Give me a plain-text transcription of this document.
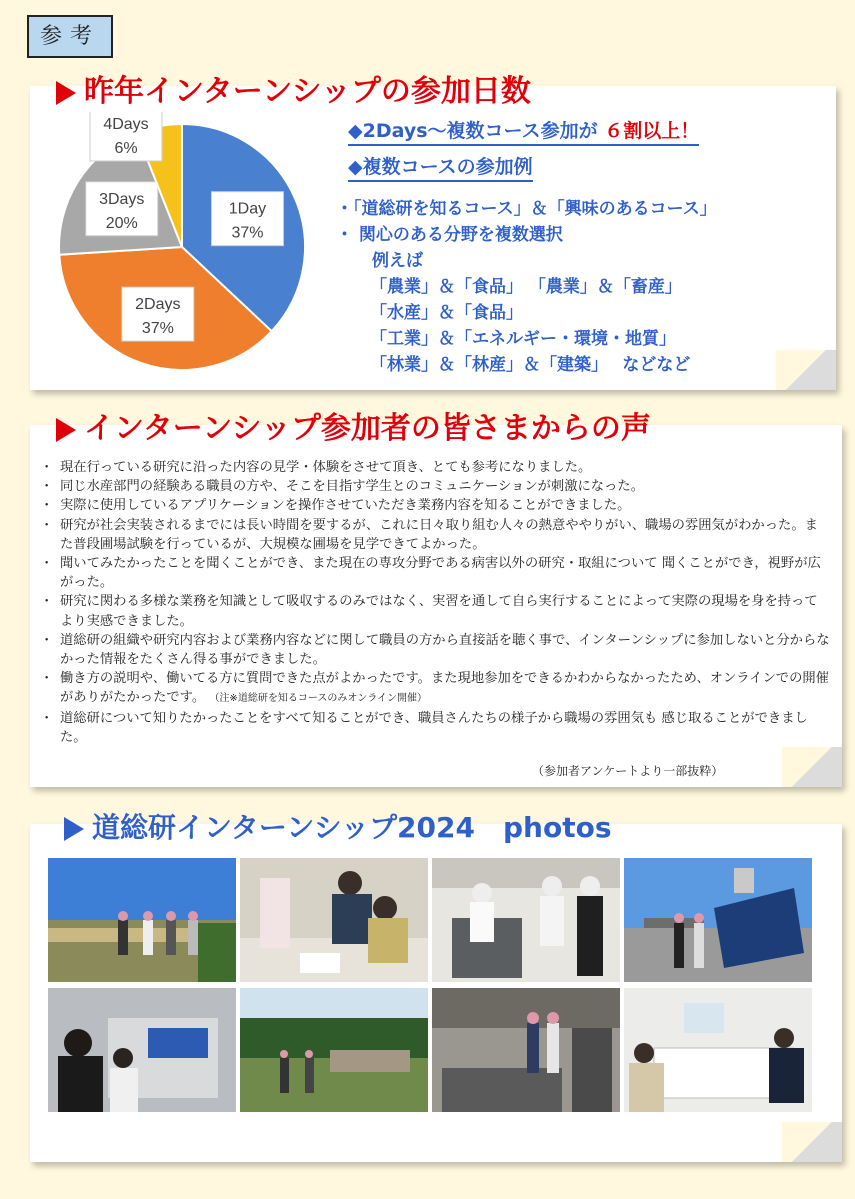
参考
昨年インターンシップの参加日数
1Day
37%
2Days
37%
3Days
20%
4Days
6%
◆2Days～複数コース参加が ６割以上！
◆複数コースの参加例
・「道総研を知るコース」＆「興味のあるコース」
・ 関心のある分野を複数選択
例えば
「農業」＆「食品」 「農業」＆「畜産」
「水産」＆「食品」
「工業」＆「エネルギー・環境・地質」
「林業」＆「林産」＆「建築」　 などなど
インターンシップ参加者の皆さまからの声
・ 現在行っている研究に沿った内容の見学・体験をさせて頂き、とても参考になりました。
・ 同じ水産部門の経験ある職員の方や、そこを目指す学生とのコミュニケーションが刺激になった。
・ 実際に使用しているアプリケーションを操作させていただき業務内容を知ることができました。
・ 研究が社会実装されるまでには長い時間を要するが、これに日々取り組む人々の熱意ややりがい、職場の雰囲気がわかった。また普段圃場試験を行っているが、大規模な圃場を見学できてよかった。
・ 聞いてみたかったことを聞くことができ、また現在の専攻分野である病害以外の研究・取組について 聞くことができ，視野が広がった。
・ 研究に関わる多様な業務を知識として吸収するのみではなく、実習を通して自ら実行することによって実際の現場を身を持ってより実感できました。
・ 道総研の組織や研究内容および業務内容などに関して職員の方から直接話を聴く事で、インターンシップに参加しないと分からなかった情報をたくさん得る事ができました。
・ 働き方の説明や、働いてる方に質問できた点がよかったです。また現地参加をできるかわからなかったため、オンラインでの開催がありがたかったです。 （注※道総研を知るコースのみオンライン開催）
・ 道総研について知りたかったことをすべて知ることができ、職員さんたちの様子から職場の雰囲気も 感じ取ることができました。
（参加者アンケートより一部抜粋）
道総研インターンシップ2024　photos
